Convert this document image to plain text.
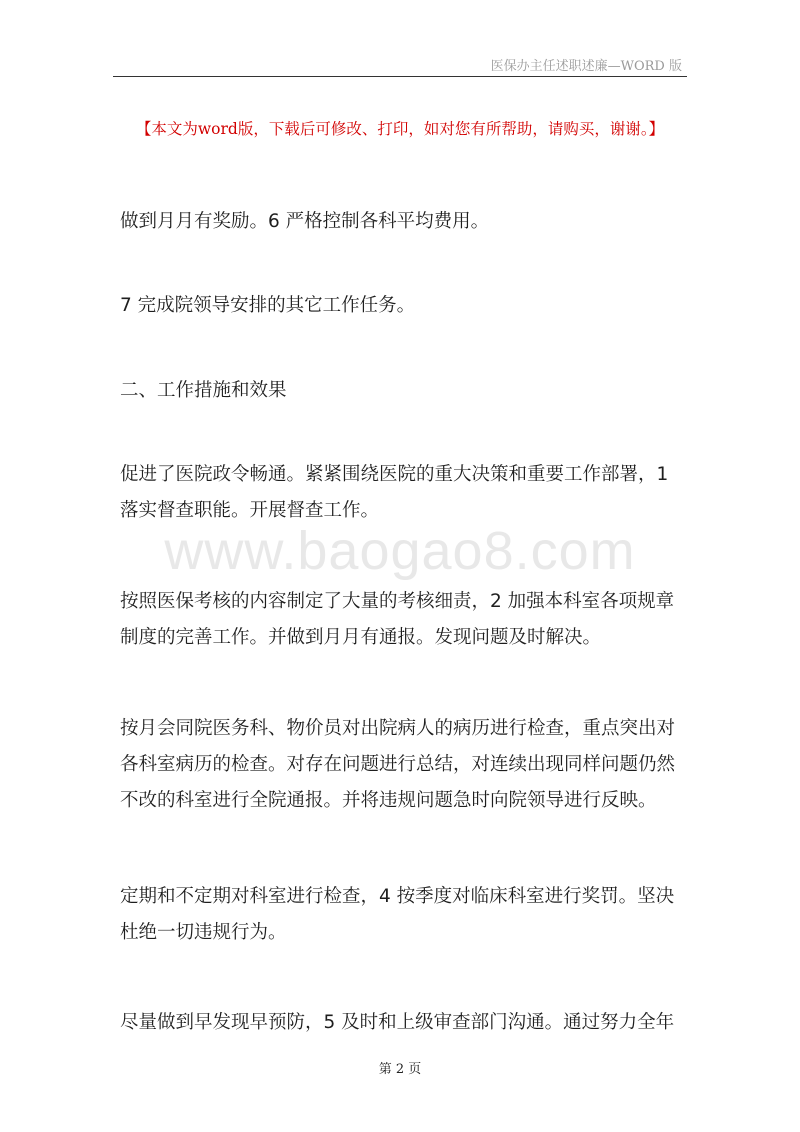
医保办主任述职述廉—WORD 版
【本文为word版，下载后可修改、打印，如对您有所帮助，请购买，谢谢。】
www.baogao8.com

做到月月有奖励。6 严格控制各科平均费用。

7 完成院领导安排的其它工作任务。

二、工作措施和效果

促进了医院政令畅通。紧紧围绕医院的重大决策和重要工作部署，1
落实督查职能。开展督查工作。

按照医保考核的内容制定了大量的考核细责，2 加强本科室各项规章
制度的完善工作。并做到月月有通报。发现问题及时解决。

按月会同院医务科、物价员对出院病人的病历进行检查，重点突出对
各科室病历的检查。对存在问题进行总结，对连续出现同样问题仍然
不改的科室进行全院通报。并将违规问题急时向院领导进行反映。

定期和不定期对科室进行检查，4 按季度对临床科室进行奖罚。坚决
杜绝一切违规行为。

尽量做到早发现早预防，5 及时和上级审查部门沟通。通过努力全年

第 2 页
